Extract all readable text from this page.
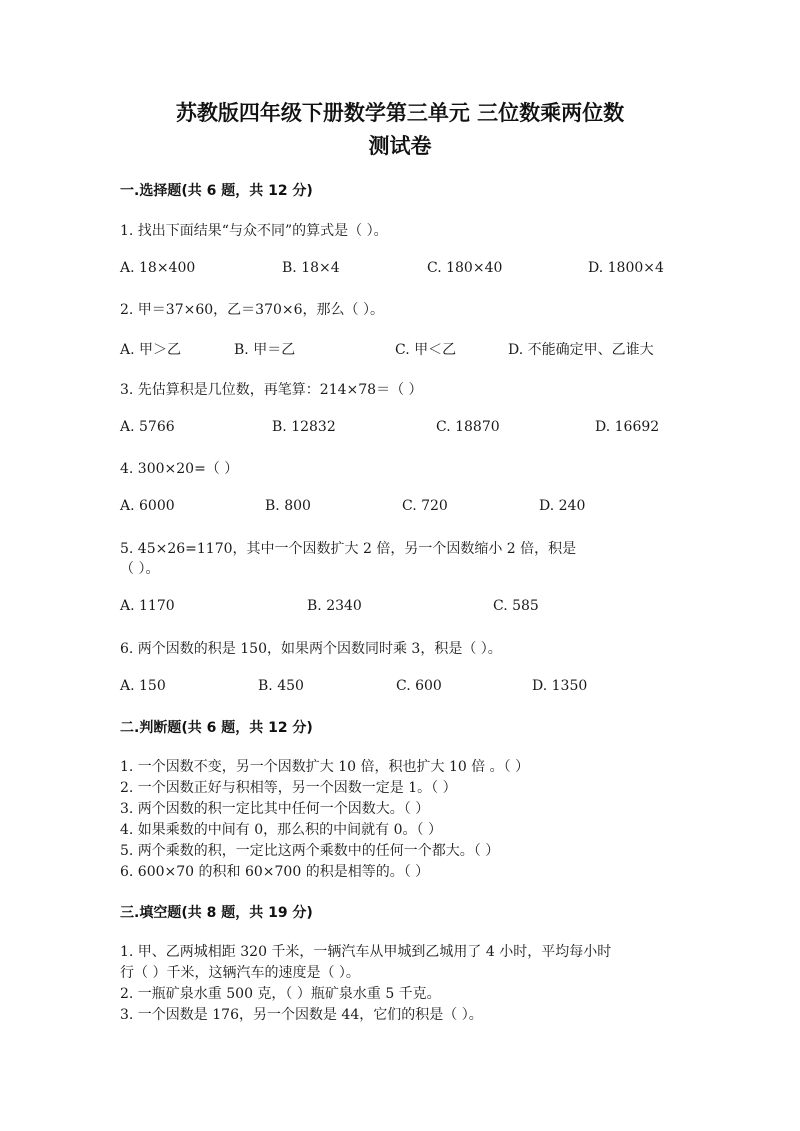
苏教版四年级下册数学第三单元 三位数乘两位数
测试卷
一.选择题(共 6 题，共 12 分)
1. 找出下面结果“与众不同”的算式是（ ）。
A. 18×400	B. 18×4	C. 180×40	D. 1800×4
2. 甲＝37×60，乙＝370×6，那么（ ）。
A. 甲＞乙	B. 甲＝乙	C. 甲＜乙	D. 不能确定甲、乙谁大
3. 先估算积是几位数，再笔算：214×78＝（ ）
A. 5766	B. 12832	C. 18870	D. 16692
4. 300×20=（ ）
A. 6000	B. 800	C. 720	D. 240
5. 45×26=1170，其中一个因数扩大 2 倍，另一个因数缩小 2 倍，积是
（ ）。
A. 1170	B. 2340	C. 585
6. 两个因数的积是 150，如果两个因数同时乘 3，积是（ ）。
A. 150	B. 450	C. 600	D. 1350
二.判断题(共 6 题，共 12 分)
1. 一个因数不变，另一个因数扩大 10 倍，积也扩大 10 倍 。（ ）
2. 一个因数正好与积相等，另一个因数一定是 1。（ ）
3. 两个因数的积一定比其中任何一个因数大。（ ）
4. 如果乘数的中间有 0，那么积的中间就有 0。（ ）
5. 两个乘数的积，一定比这两个乘数中的任何一个都大。（ ）
6. 600×70 的积和 60×700 的积是相等的。（ ）
三.填空题(共 8 题，共 19 分)
1. 甲、乙两城相距 320 千米，一辆汽车从甲城到乙城用了 4 小时，平均每小时
行（ ）千米，这辆汽车的速度是（ ）。
2. 一瓶矿泉水重 500 克，（ ）瓶矿泉水重 5 千克。
3. 一个因数是 176，另一个因数是 44，它们的积是（ ）。
